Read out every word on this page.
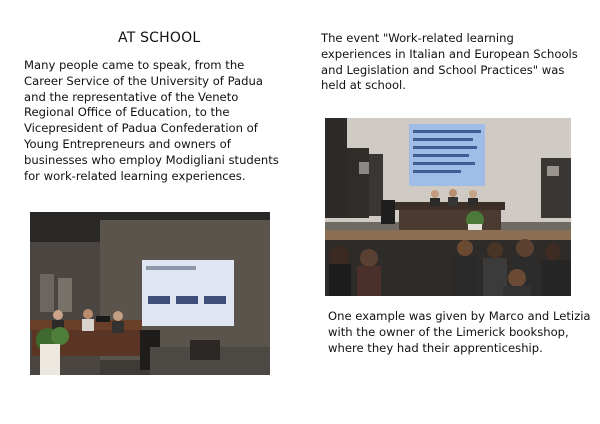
AT SCHOOL

Many people came to speak, from the Career Service of the University of Padua and the representative of the Veneto Regional Office of Education, to the Vicepresident of Padua Confederation of Young Entrepreneurs and owners of businesses who employ Modigliani students for work-related learning experiences.

The event "Work-related learning experiences in Italian and European Schools and Legislation and School Practices" was held at school.

One example was given by Marco and Letizia with the owner of the Limerick bookshop, where they had their apprenticeship.
